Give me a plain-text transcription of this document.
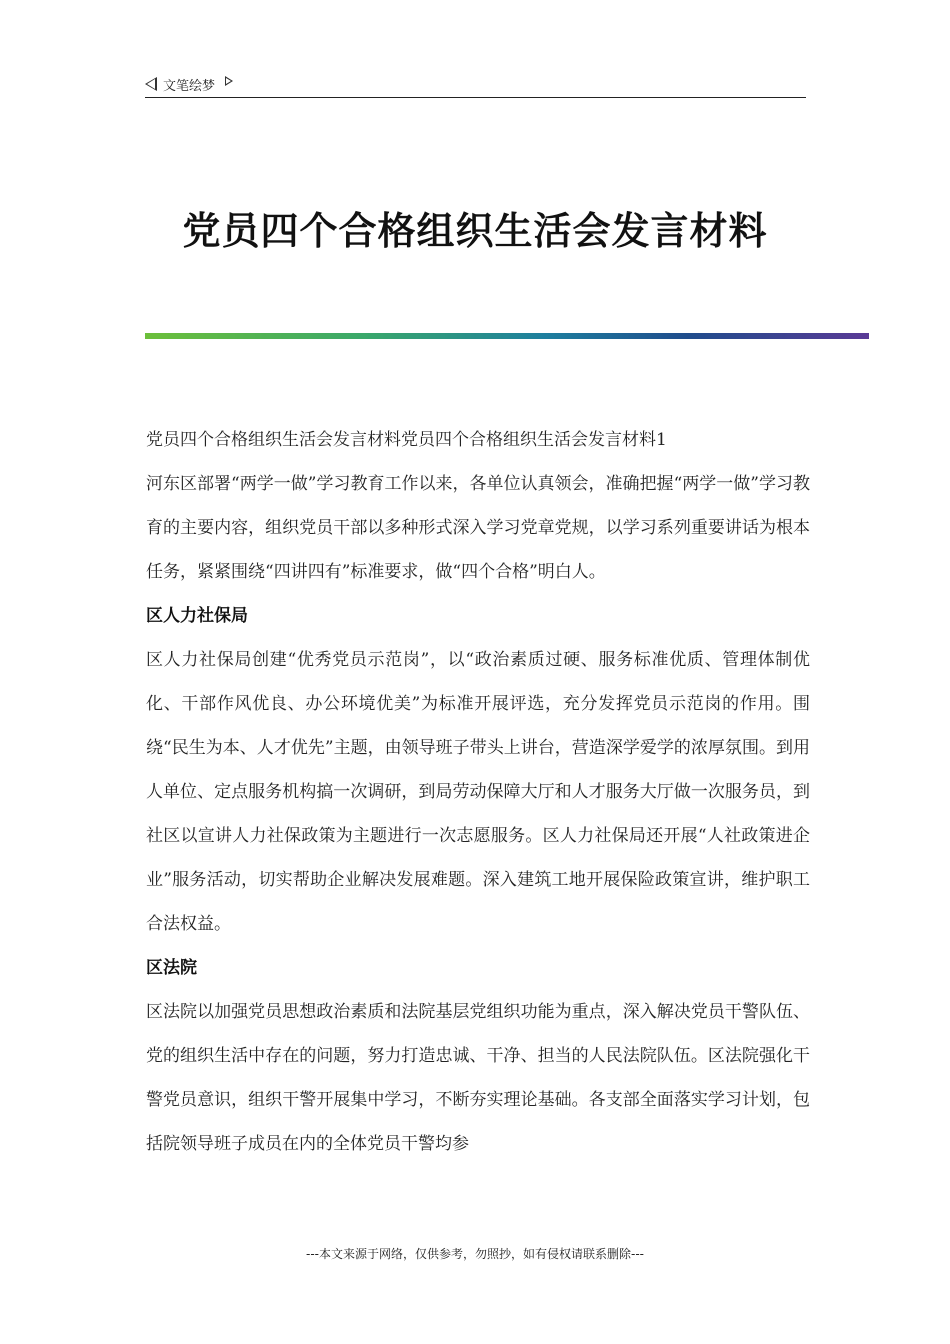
文笔绘梦
党员四个合格组织生活会发言材料

党员四个合格组织生活会发言材料党员四个合格组织生活会发言材料1

河东区部署“两学一做”学习教育工作以来，各单位认真领会，准确把握“两学一做”学习教育的主要内容，组织党员干部以多种形式深入学习党章党规，以学习系列重要讲话为根本任务，紧紧围绕“四讲四有”标准要求，做“四个合格”明白人。

区人力社保局

区人力社保局创建“优秀党员示范岗”，以“政治素质过硬、服务标准优质、管理体制优化、干部作风优良、办公环境优美”为标准开展评选，充分发挥党员示范岗的作用。围绕“民生为本、人才优先”主题，由领导班子带头上讲台，营造深学爱学的浓厚氛围。到用人单位、定点服务机构搞一次调研，到局劳动保障大厅和人才服务大厅做一次服务员，到社区以宣讲人力社保政策为主题进行一次志愿服务。区人力社保局还开展“人社政策进企业”服务活动，切实帮助企业解决发展难题。深入建筑工地开展保险政策宣讲，维护职工合法权益。

区法院

区法院以加强党员思想政治素质和法院基层党组织功能为重点，深入解决党员干警队伍、党的组织生活中存在的问题，努力打造忠诚、干净、担当的人民法院队伍。区法院强化干警党员意识，组织干警开展集中学习，不断夯实理论基础。各支部全面落实学习计划，包括院领导班子成员在内的全体党员干警均参

---本文来源于网络，仅供参考，勿照抄，如有侵权请联系删除---
